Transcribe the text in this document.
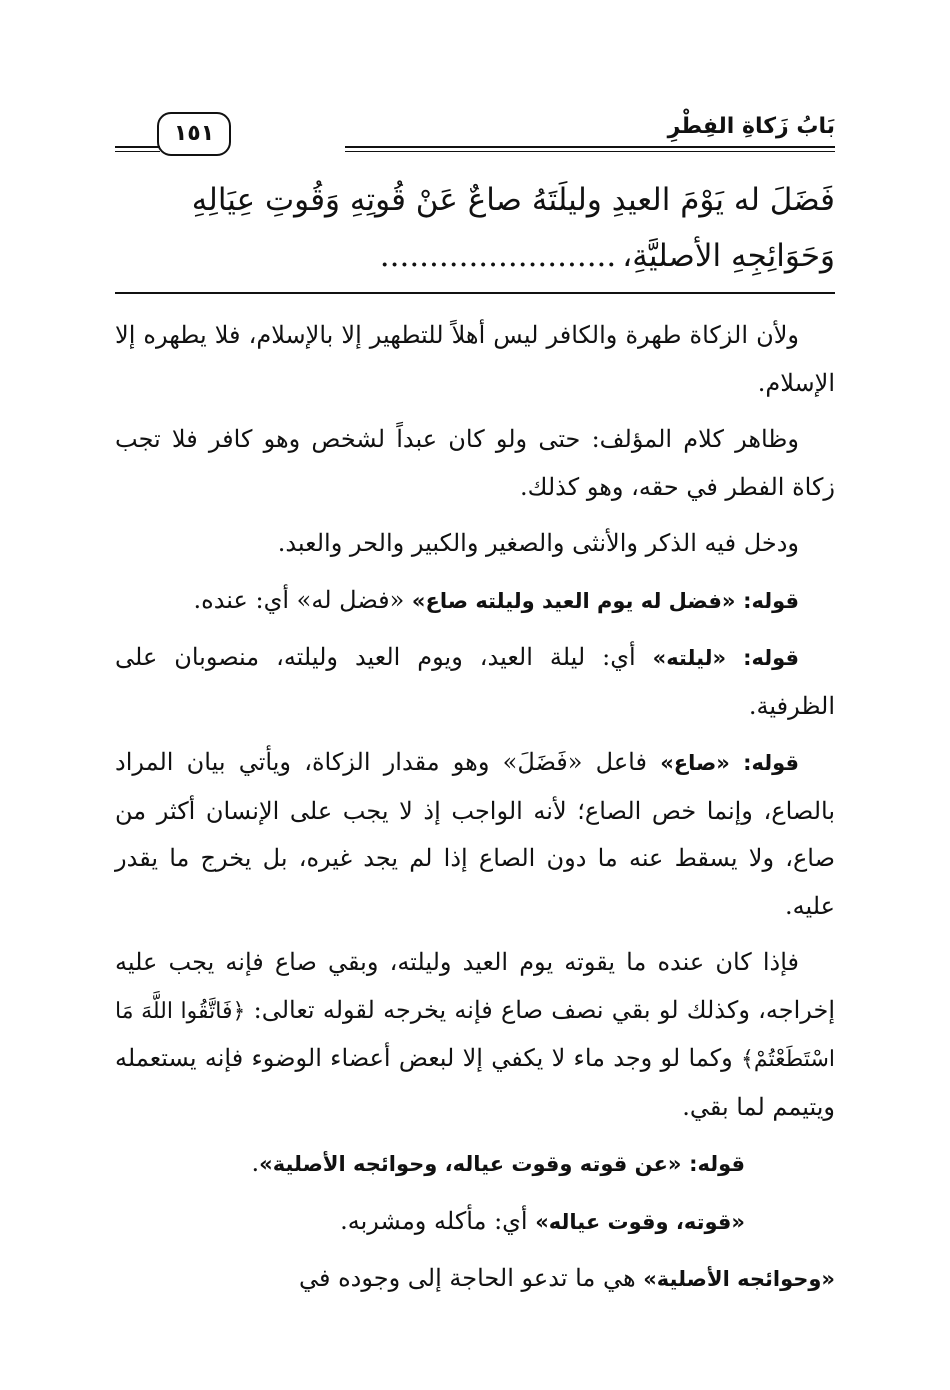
بَابُ زَكاةِ الفِطْرِ
١٥١
فَضَلَ له يَوْمَ العيدِ وليلَتَهُ صاعٌ عَنْ قُوتِهِ وَقُوتِ عِيَالِهِ
وَحَوَائِجِهِ الأصليَّةِ،........................

ولأن الزكاة طهرة والكافر ليس أهلاً للتطهير إلا بالإسلام، فلا يطهره إلا الإسلام.

وظاهر كلام المؤلف: حتى ولو كان عبداً لشخص وهو كافر فلا تجب زكاة الفطر في حقه، وهو كذلك.

ودخل فيه الذكر والأنثى والصغير والكبير والحر والعبد.

قوله: «فضل له يوم العيد وليلته صاع» «فضل له» أي: عنده.

قوله: «ليلته» أي: ليلة العيد، ويوم العيد وليلته، منصوبان على الظرفية.

قوله: «صاع» فاعل «فَضَلَ» وهو مقدار الزكاة، ويأتي بيان المراد بالصاع، وإنما خص الصاع؛ لأنه الواجب إذ لا يجب على الإنسان أكثر من صاع، ولا يسقط عنه ما دون الصاع إذا لم يجد غيره، بل يخرج ما يقدر عليه.

فإذا كان عنده ما يقوته يوم العيد وليلته، وبقي صاع فإنه يجب عليه إخراجه، وكذلك لو بقي نصف صاع فإنه يخرجه لقوله تعالى: ﴿فَاتَّقُوا اللَّهَ مَا اسْتَطَعْتُمْ﴾ وكما لو وجد ماء لا يكفي إلا لبعض أعضاء الوضوء فإنه يستعمله ويتيمم لما بقي.

قوله: «عن قوته وقوت عياله، وحوائجه الأصلية».

«قوته، وقوت عياله» أي: مأكله ومشربه.

«وحوائجه الأصلية» هي ما تدعو الحاجة إلى وجوده في
